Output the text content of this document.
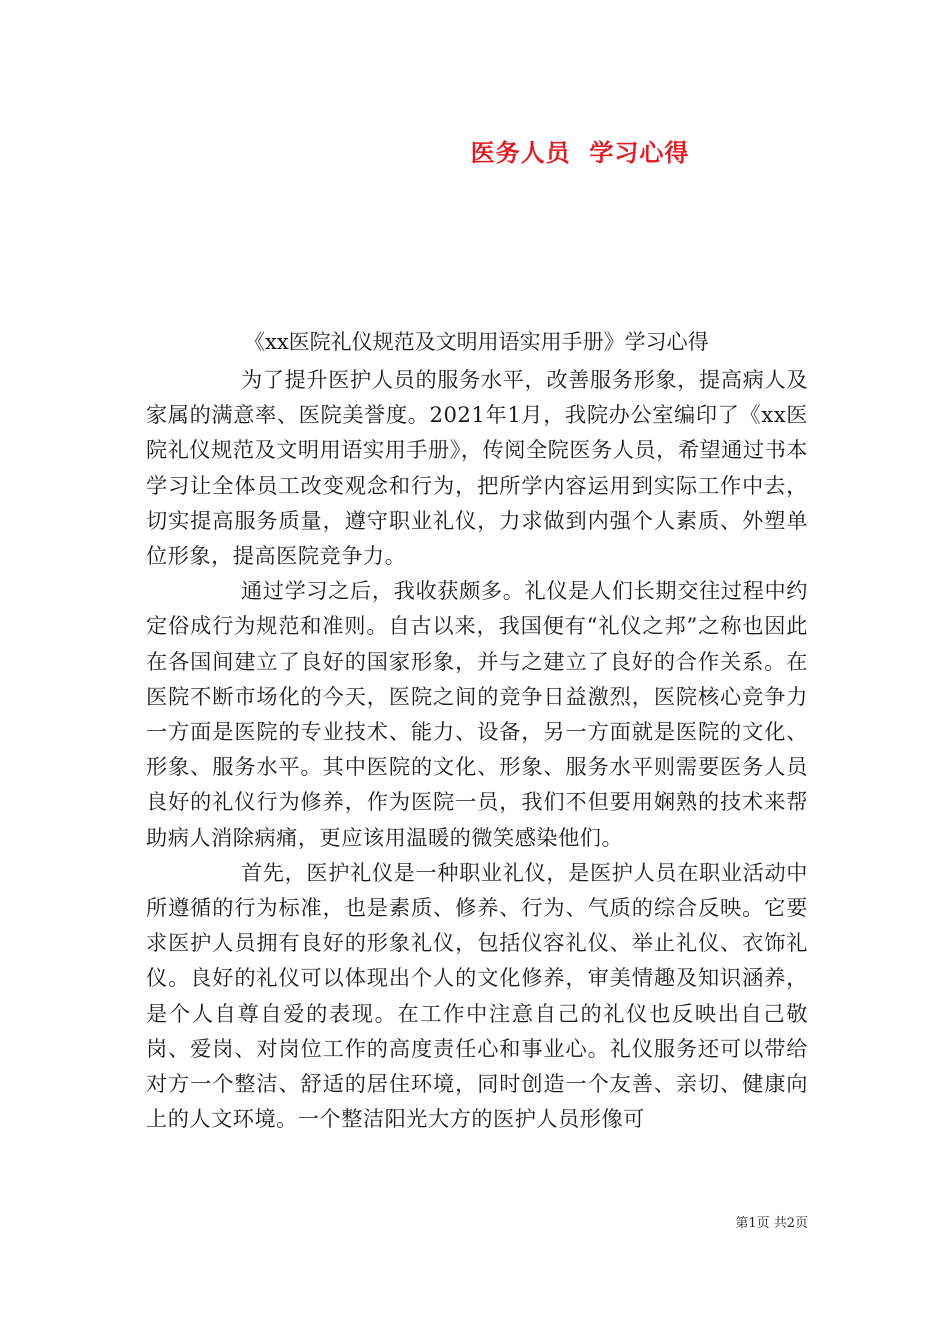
医务人员  学习心得
《xx医院礼仪规范及文明用语实用手册》学习心得

为了提升医护人员的服务水平，改善服务形象，提高病人及家属的满意率、医院美誉度。2021年1月，我院办公室编印了《xx医院礼仪规范及文明用语实用手册》，传阅全院医务人员，希望通过书本学习让全体员工改变观念和行为，把所学内容运用到实际工作中去，切实提高服务质量，遵守职业礼仪，力求做到内强个人素质、外塑单位形象，提高医院竞争力。

通过学习之后，我收获颇多。礼仪是人们长期交往过程中约定俗成行为规范和准则。自古以来，我国便有“礼仪之邦”之称也因此在各国间建立了良好的国家形象，并与之建立了良好的合作关系。在医院不断市场化的今天，医院之间的竞争日益激烈，医院核心竞争力一方面是医院的专业技术、能力、设备，另一方面就是医院的文化、形象、服务水平。其中医院的文化、形象、服务水平则需要医务人员良好的礼仪行为修养，作为医院一员，我们不但要用娴熟的技术来帮助病人消除病痛，更应该用温暖的微笑感染他们。

首先，医护礼仪是一种职业礼仪，是医护人员在职业活动中所遵循的行为标准，也是素质、修养、行为、气质的综合反映。它要求医护人员拥有良好的形象礼仪，包括仪容礼仪、举止礼仪、衣饰礼仪。良好的礼仪可以体现出个人的文化修养，审美情趣及知识涵养，是个人自尊自爱的表现。在工作中注意自己的礼仪也反映出自己敬岗、爱岗、对岗位工作的高度责任心和事业心。礼仪服务还可以带给对方一个整洁、舒适的居住环境，同时创造一个友善、亲切、健康向上的人文环境。一个整洁阳光大方的医护人员形像可

第1页 共2页
